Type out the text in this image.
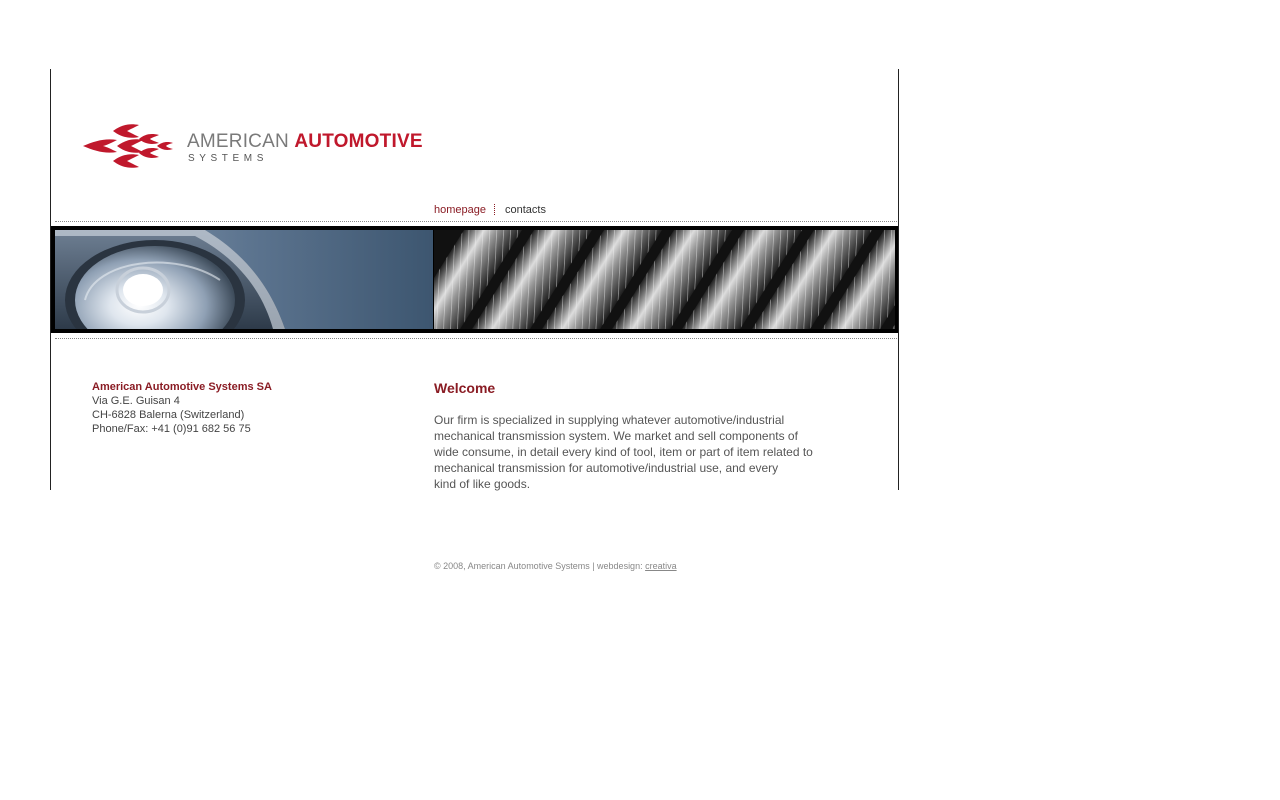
AMERICAN AUTOMOTIVE
SYSTEMS
homepage contacts
American Automotive Systems SA
Via G.E. Guisan 4
CH-6828 Balerna (Switzerland)
Phone/Fax: +41 (0)91 682 56 75
Welcome

Our firm is specialized in supplying whatever automotive/industrial
mechanical transmission system. We market and sell components of
wide consume, in detail every kind of tool, item or part of item related to
mechanical transmission for automotive/industrial use, and every
kind of like goods.

© 2008, American Automotive Systems | webdesign: creativa
